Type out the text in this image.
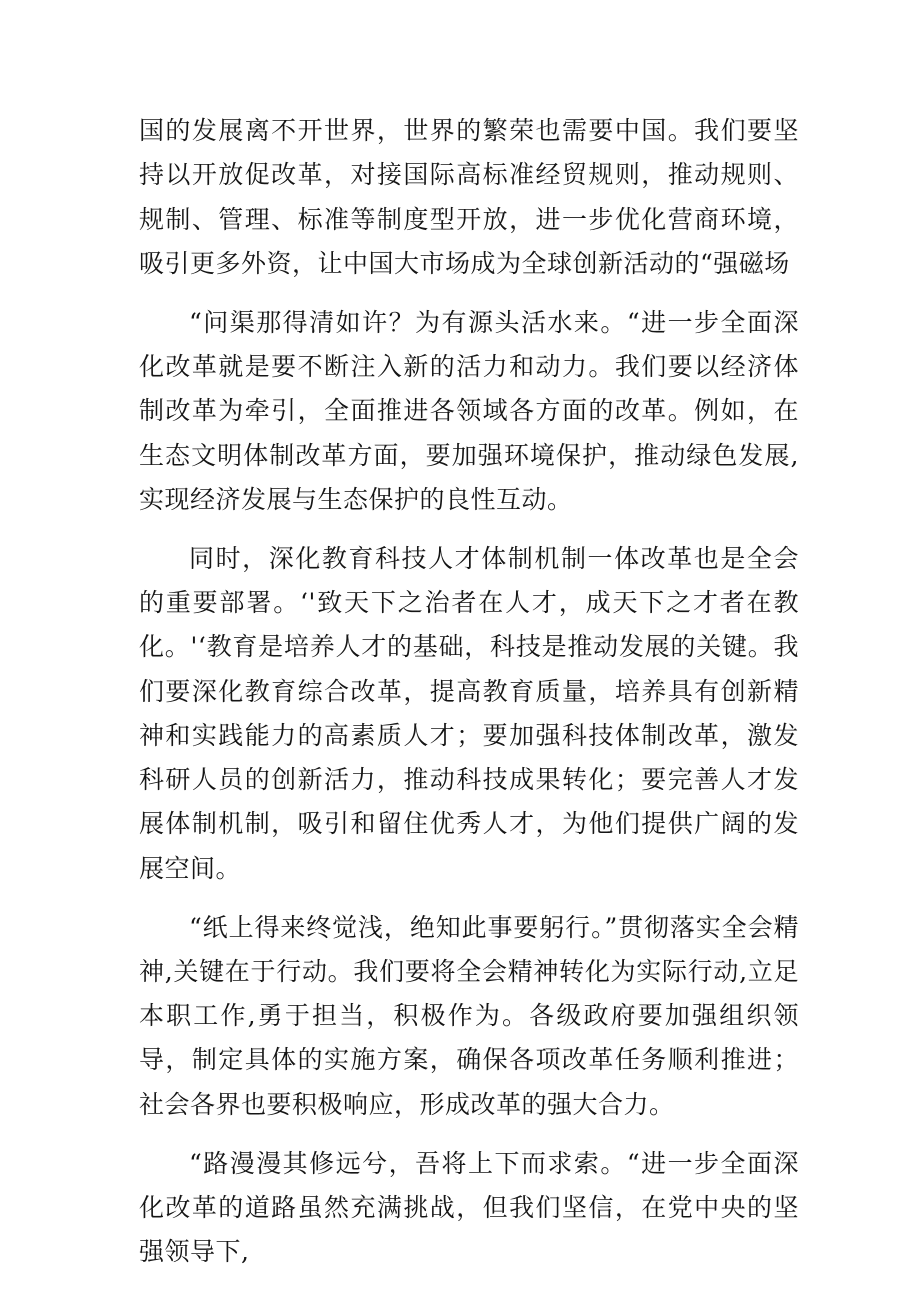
国的发展离不开世界，世界的繁荣也需要中国。我们要坚持以开放促改革，对接国际高标准经贸规则，推动规则、规制、管理、标准等制度型开放，进一步优化营商环境，吸引更多外资，让中国大市场成为全球创新活动的“强磁场

“问渠那得清如许？为有源头活水来。“进一步全面深化改革就是要不断注入新的活力和动力。我们要以经济体制改革为牵引，全面推进各领域各方面的改革。例如，在生态文明体制改革方面，要加强环境保护，推动绿色发展,实现经济发展与生态保护的良性互动。

同时，深化教育科技人才体制机制一体改革也是全会的重要部署。‘'致天下之治者在人才，成天下之才者在教化。'‘教育是培养人才的基础，科技是推动发展的关键。我们要深化教育综合改革，提高教育质量，培养具有创新精神和实践能力的高素质人才；要加强科技体制改革，激发科研人员的创新活力，推动科技成果转化；要完善人才发展体制机制，吸引和留住优秀人才，为他们提供广阔的发展空间。

“纸上得来终觉浅，绝知此事要躬行。”贯彻落实全会精神,关键在于行动。我们要将全会精神转化为实际行动,立足本职工作,勇于担当，积极作为。各级政府要加强组织领导，制定具体的实施方案，确保各项改革任务顺利推进；社会各界也要积极响应，形成改革的强大合力。

“路漫漫其修远兮，吾将上下而求索。“进一步全面深化改革的道路虽然充满挑战，但我们坚信，在党中央的坚强领导下,
